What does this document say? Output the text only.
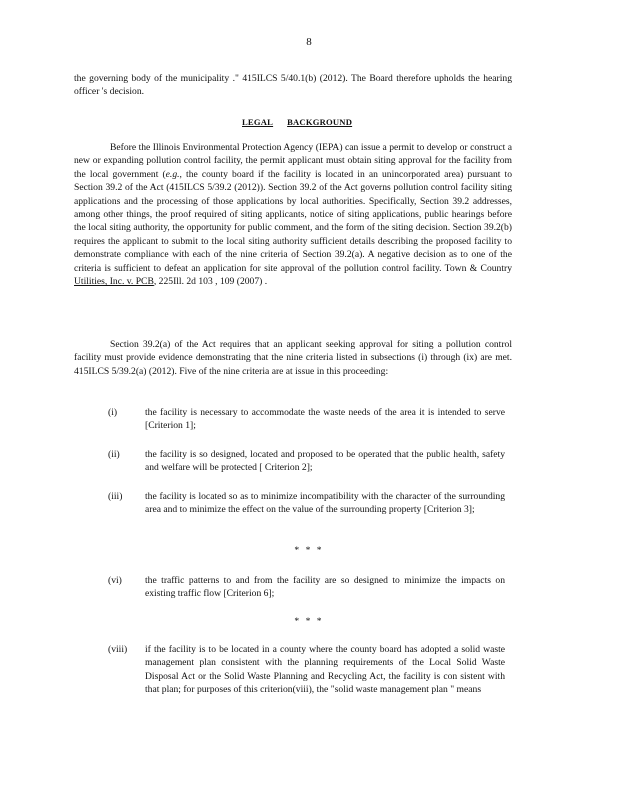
8

the governing body of the municipality ." 415ILCS 5/40.1(b) (2012). The Board therefore upholds the hearing officer 's decision.

LEGAL BACKGROUND

Before the Illinois Environmental Protection Agency (IEPA) can issue a permit to develop or construct a new or expanding pollution control facility, the permit applicant must obtain siting approval for the facility from the local government (e.g., the county board if the facility is located in an unincorporated area) pursuant to Section 39.2 of the Act (415ILCS 5/39.2 (2012)). Section 39.2 of the Act governs pollution control facility siting applications and the processing of those applications by local authorities. Specifically, Section 39.2 addresses, among other things, the proof required of siting applicants, notice of siting applications, public hearings before the local siting authority, the opportunity for public comment, and the form of the siting decision. Section 39.2(b) requires the applicant to submit to the local siting authority sufficient details describing the proposed facility to demonstrate compliance with each of the nine criteria of Section 39.2(a). A negative decision as to one of the criteria is sufficient to defeat an application for site approval of the pollution control facility. Town & Country Utilities, Inc. v. PCB, 225Ill. 2d 103 , 109 (2007) .

Section 39.2(a) of the Act requires that an applicant seeking approval for siting a pollution control facility must provide evidence demonstrating that the nine criteria listed in subsections (i) through (ix) are met. 415ILCS 5/39.2(a) (2012). Five of the nine criteria are at issue in this proceeding:

(i)	the facility is necessary to accommodate the waste needs of the area it is intended to serve [Criterion 1];
(ii)	the facility is so designed, located and proposed to be operated that the public health, safety and welfare will be protected [ Criterion 2];
(iii) the facility is located so as to minimize incompatibility with the character of the surrounding area and to minimize the effect on the value of the surrounding property [Criterion 3];
* * *
(vi) the traffic patterns to and from the facility are so designed to minimize the impacts on existing traffic flow [Criterion 6];
* * *
(viii) if the facility is to be located in a county where the county board has adopted a solid waste management plan consistent with the planning requirements of the Local Solid Waste Disposal Act or the Solid Waste Planning and Recycling Act, the facility is con sistent with that plan; for purposes of this criterion(viii), the "solid waste management plan " means
